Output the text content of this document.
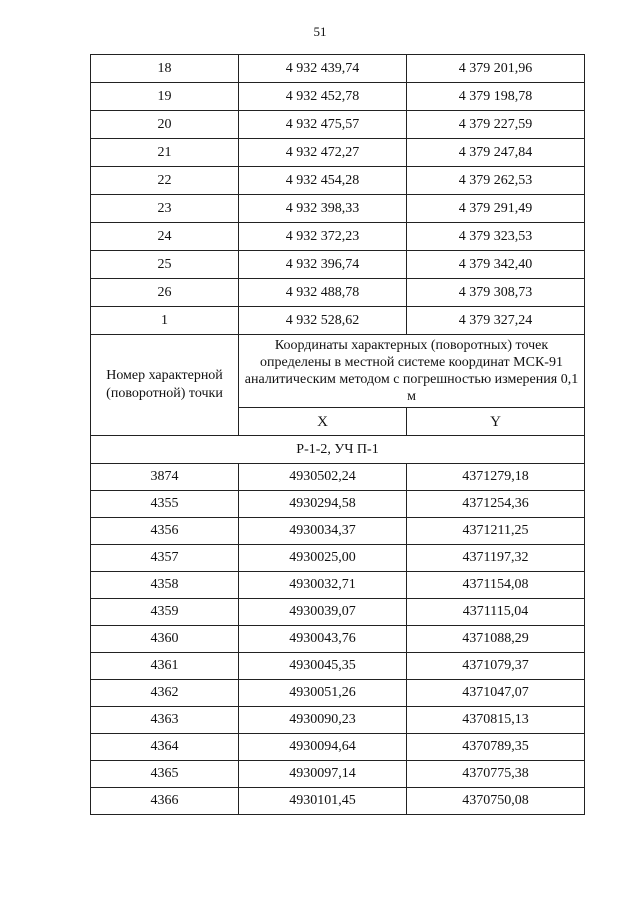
51
18	4 932 439,74	4 379 201,96
19	4 932 452,78	4 379 198,78
20	4 932 475,57	4 379 227,59
21	4 932 472,27	4 379 247,84
22	4 932 454,28	4 379 262,53
23	4 932 398,33	4 379 291,49
24	4 932 372,23	4 379 323,53
25	4 932 396,74	4 379 342,40
26	4 932 488,78	4 379 308,73
1	4 932 528,62	4 379 327,24
Номер характерной (поворотной) точки	Координаты характерных (поворотных) точек определены в местной системе координат МСК-91 аналитическим методом с погрешностью измерения 0,1 м	
	X	Y
Р-1-2, УЧ П-1		
3874	4930502,24	4371279,18
4355	4930294,58	4371254,36
4356	4930034,37	4371211,25
4357	4930025,00	4371197,32
4358	4930032,71	4371154,08
4359	4930039,07	4371115,04
4360	4930043,76	4371088,29
4361	4930045,35	4371079,37
4362	4930051,26	4371047,07
4363	4930090,23	4370815,13
4364	4930094,64	4370789,35
4365	4930097,14	4370775,38
4366	4930101,45	4370750,08
